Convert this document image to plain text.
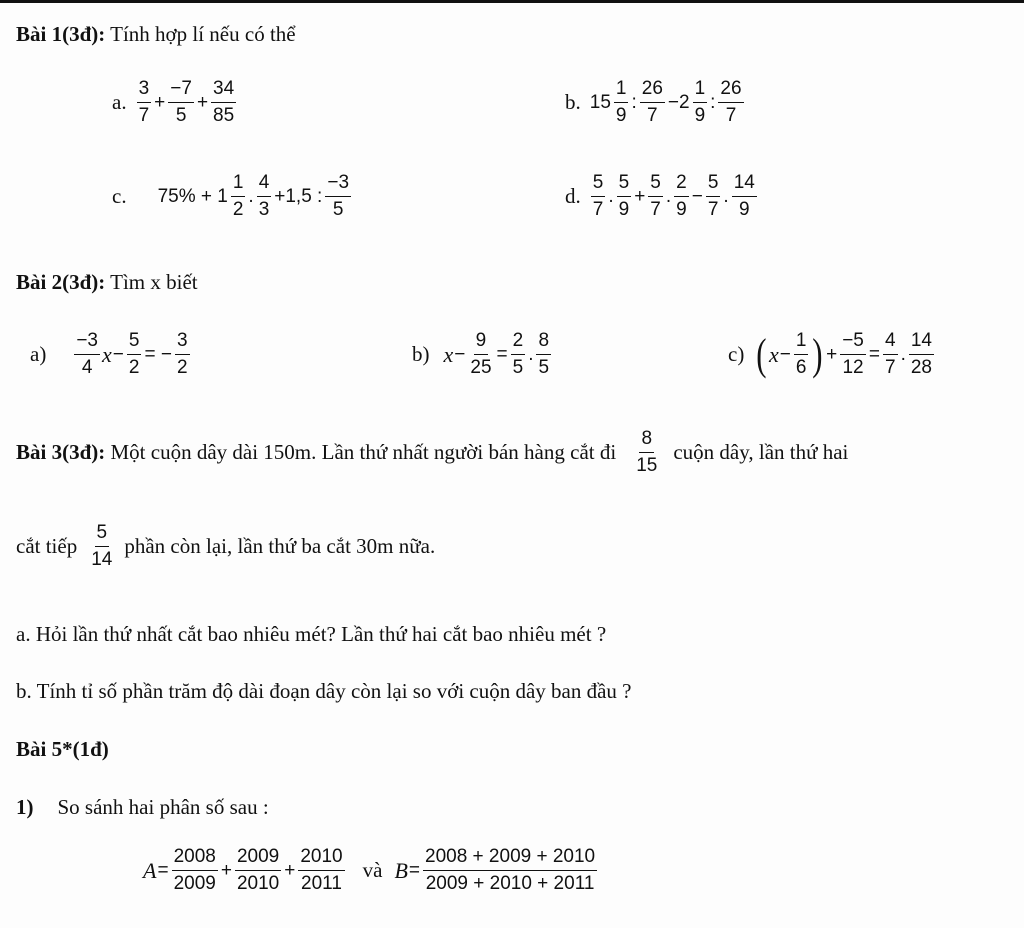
Bài 1(3đ): Tính hợp lí nếu có thể
a. $\frac{3}{7} + \frac{-7}{5} + \frac{34}{85}$	b. $15 \frac{1}{9}$ : $\frac{26}{7} -2 \frac{1}{9}$ : $\frac{26}{7}$
c. $75\% + 1 \frac{1}{2}$ . $\frac{4}{3} +1,5$ : $\frac{-3}{5}$	d. $\frac{5}{7}$ . $\frac{5}{9} + \frac{5}{7}$ . $\frac{2}{9} - \frac{5}{7}$ . $\frac{14}{9}$
Bài 2(3đ): Tìm x biết
$a) \frac{-3}{4}$ $x - \frac{5}{2}$ = − $\frac{3}{2}$	b) $x - \frac{9}{25} = \frac{2}{5}$ . $\frac{8}{5}$	c) ( $x - \frac{1}{6}$ ) + $\frac{-5}{12} = \frac{4}{7}$ . $\frac{14}{28}$
Bài 3(3đ): Một cuộn dây dài 150m. Lần thứ nhất người bán hàng cắt đi $\frac{8}{15}$ cuộn dây, lần thứ hai
cắt tiếp $\frac{5}{14}$ phần còn lại, lần thứ ba cắt 30m nữa.
a. Hỏi lần thứ nhất cắt bao nhiêu mét? Lần thứ hai cắt bao nhiêu mét ?
b. Tính tỉ số phần trăm độ dài đoạn dây còn lại so với cuộn dây ban đầu ?
Bài 5*(1đ)
1) So sánh hai phân số sau :
$A = \frac{2008}{2009} + \frac{2009}{2010} + \frac{2010}{2011}$ và $B = \frac{2008 + 2009 + 2010}{2009 + 2010 + 2011}$
